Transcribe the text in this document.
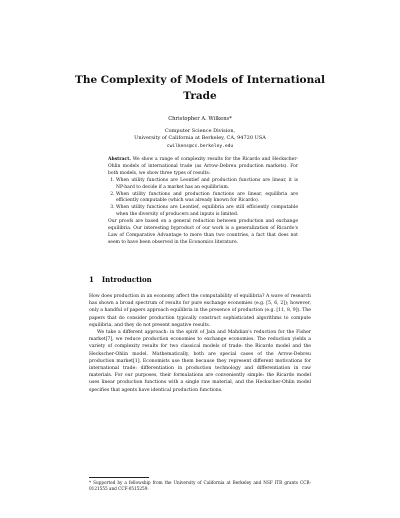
The Complexity of Models of International Trade
Christopher A. Wilkens*
Computer Science Division,
University of California at Berkeley, CA, 94720 USA
cwilkens@cs.berkeley.edu
Abstract. We show a range of complexity results for the Ricardo and Heckscher-Ohlin models of international trade (as Arrow-Debreu production markets). For both models, we show three types of results:
1. When utility functions are Leontief and production functions are linear, it is NP-hard to decide if a market has an equilibrium.
2. When utility functions and production functions are linear, equilibria are efficiently computable (which was already known for Ricardo).
3. When utility functions are Leontief, equilibria are still efficiently computable when the diversity of producers and inputs is limited.

Our proofs are based on a general reduction between production and exchange equilibria. Our interesting byproduct of our work is a generalization of Ricardo's Law of Comparative Advantage to more than two countries, a fact that does not seem to have been observed in the Economics literature.

1 Introduction

How does production in an economy affect the computability of equilibria? A wave of research has shown a broad spectrum of results for pure exchange economies (e.g. [5, 6, 2]); however, only a handful of papers approach equilibria in the presence of production (e.g. [11, 8, 9]). The papers that do consider production typically construct sophisticated algorithms to compute equilibria, and they do not present negative results.

We take a different approach: in the spirit of Jain and Mahdian's reduction for the Fisher market[7], we reduce production economies to exchange economies. The reduction yields a variety of complexity results for two classical models of trade: the Ricardo model and the Heckscher-Ohlin model. Mathematically, both are special cases of the Arrow-Debreu production market[1]. Economists use them because they represent different motivations for international trade: differentiation in production technology and differentiation in raw materials. For our purposes, their formulations are conveniently simple: the Ricardo model uses linear production functions with a single raw material, and the Heckscher-Ohlin model specifies that agents have identical production functions.

* Supported by a fellowship from the University of California at Berkeley and NSF ITR grants CCR-0121555 and CCF-0515259.
